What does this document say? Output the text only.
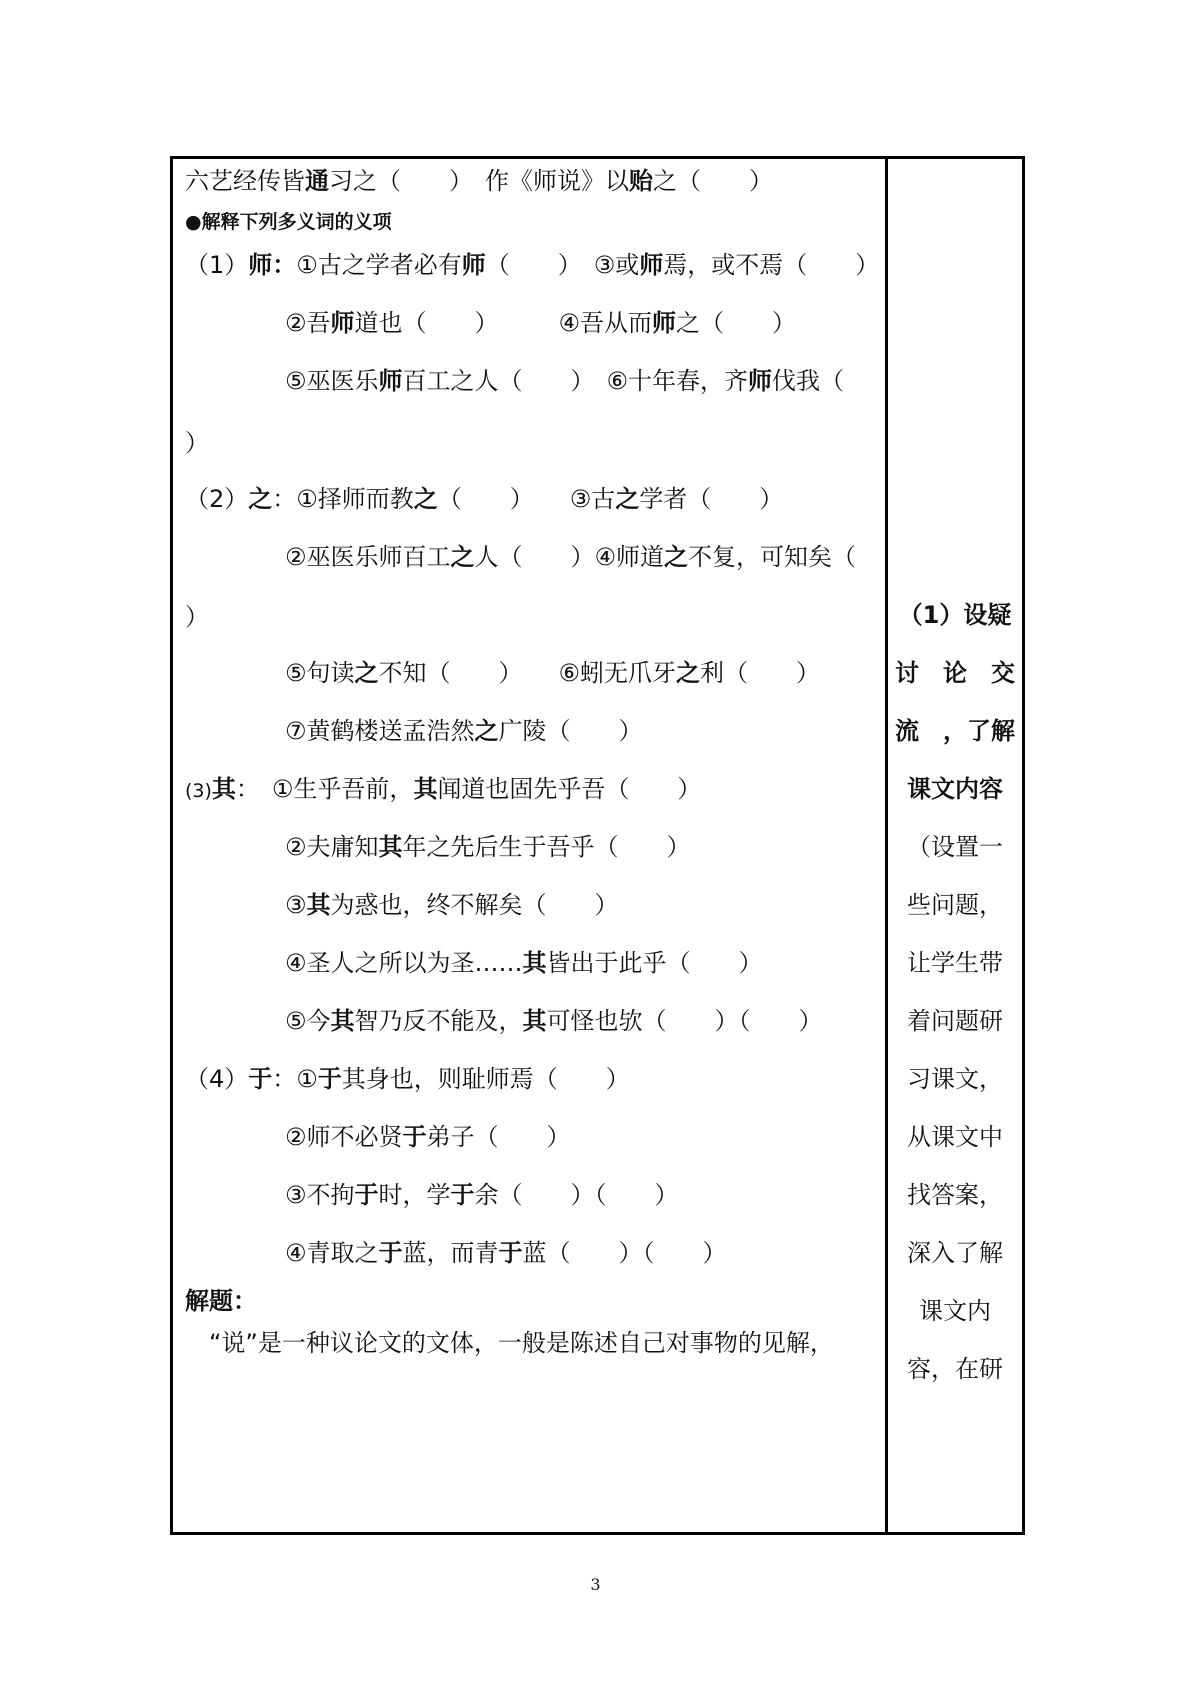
六艺经传皆通习之（　　）　作《师说》以贻之（　　）
●解释下列多义词的义项
（1）师：①古之学者必有师（　　）　③或师焉，或不焉（　　）
②吾师道也（　　）　　　④吾从而师之（　　）
⑤巫医乐师百工之人（　　）　⑥十年春，齐师伐我（
）
（2）之：①择师而教之（　　）　　③古之学者（　　）
②巫医乐师百工之人（　　）④师道之不复，可知矣（
）
⑤句读之不知（　　）　　⑥蚓无爪牙之利（　　）
⑦黄鹤楼送孟浩然之广陵（　　）
(3)其：　①生乎吾前，其闻道也固先乎吾（　　）
②夫庸知其年之先后生于吾乎（　　）
③其为惑也，终不解矣（　　）
④圣人之所以为圣……其皆出于此乎（　　）
⑤今其智乃反不能及，其可怪也欤（　　）（　　）
（4）于：①于其身也，则耻师焉（　　）
②师不必贤于弟子（　　）
③不拘于时，学于余（　　）（　　）
④青取之于蓝，而青于蓝（　　）（　　）
解题：
　“说”是一种议论文的文体，一般是陈述自己对事物的见解，
（1）设疑
讨　论　交
流　，了解
课文内容
（设置一
些问题，
让学生带
着问题研
习课文，
从课文中
找答案，
深入了解
课文内
容，在研
3
